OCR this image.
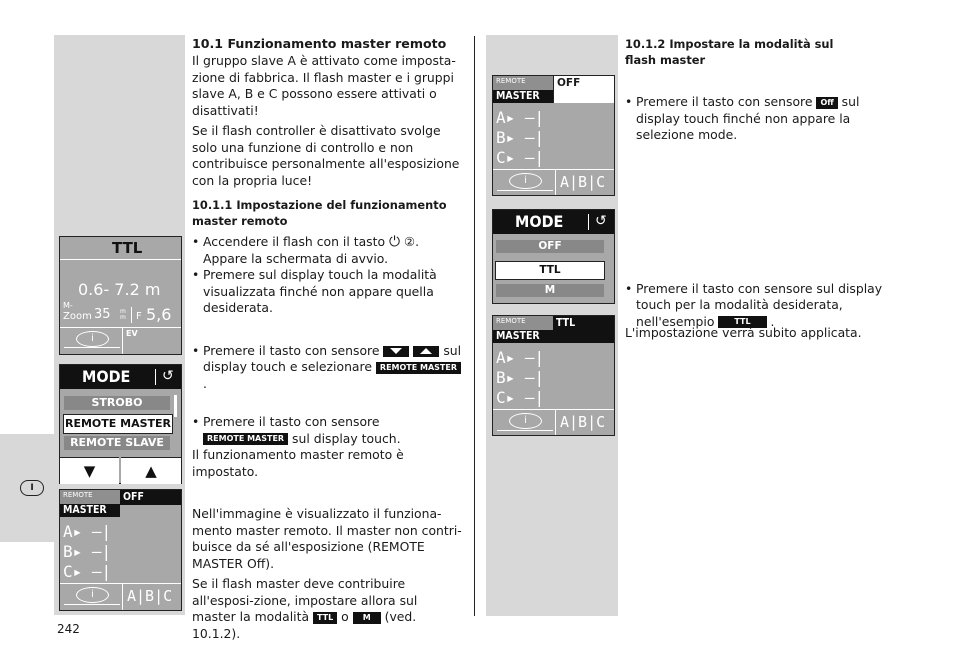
I
TTL
0.6- 7.2 m
M-
Zoom 35 m m F 5,6
i	EV
MODE	↺
STROBO
REMOTE MASTER
REMOTE SLAVE
▼	▲
REMOTE
MASTER
OFF
A▸ —|
B▸ —|
C▸ —|
i	A|B|C
10.1 Funzionamento master remoto
Il gruppo slave A è attivato come imposta-zione di fabbrica. Il flash master e i gruppi slave A, B e C possono essere attivati o disattivati!
Se il flash controller è disattivato svolge solo una funzione di controllo e non contribuisce personalmente all'esposizione con la propria luce!
10.1.1 Impostazione del funzionamento master remoto
• Accendere il flash con il tasto ⏻ ②. Appare la schermata di avvio.
• Premere sul display touch la modalità visualizzata finché non appare quella desiderata.
• Premere il tasto con sensore
	sul display touch e selezionare REMOTE MASTER .
• Premere il tasto con sensore REMOTE MASTER sul display touch.
Il funzionamento master remoto è impostato.
Nell'immagine è visualizzato il funziona-mento master remoto. Il master non contri-buisce da sé all'esposizione (REMOTE MASTER Off).
Se il flash master deve contribuire all'esposi-zione, impostare allora sul master la modalità TTL o M (ved. 10.1.2).
REMOTE
MASTER
OFF
A▸ —|
B▸ —|
C▸ —|
i	A|B|C
MODE	↺
OFF
TTL
M
REMOTE
MASTER
TTL
A▸ —|
B▸ —|
C▸ —|
i	A|B|C
10.1.2 Impostare la modalità sul flash master
• Premere il tasto con sensore Off sul display touch finché non appare la selezione mode.
• Premere il tasto con sensore sul display touch per la modalità desiderata, nell'esempio TTL .
L'impostazione verrà subito applicata.
242
